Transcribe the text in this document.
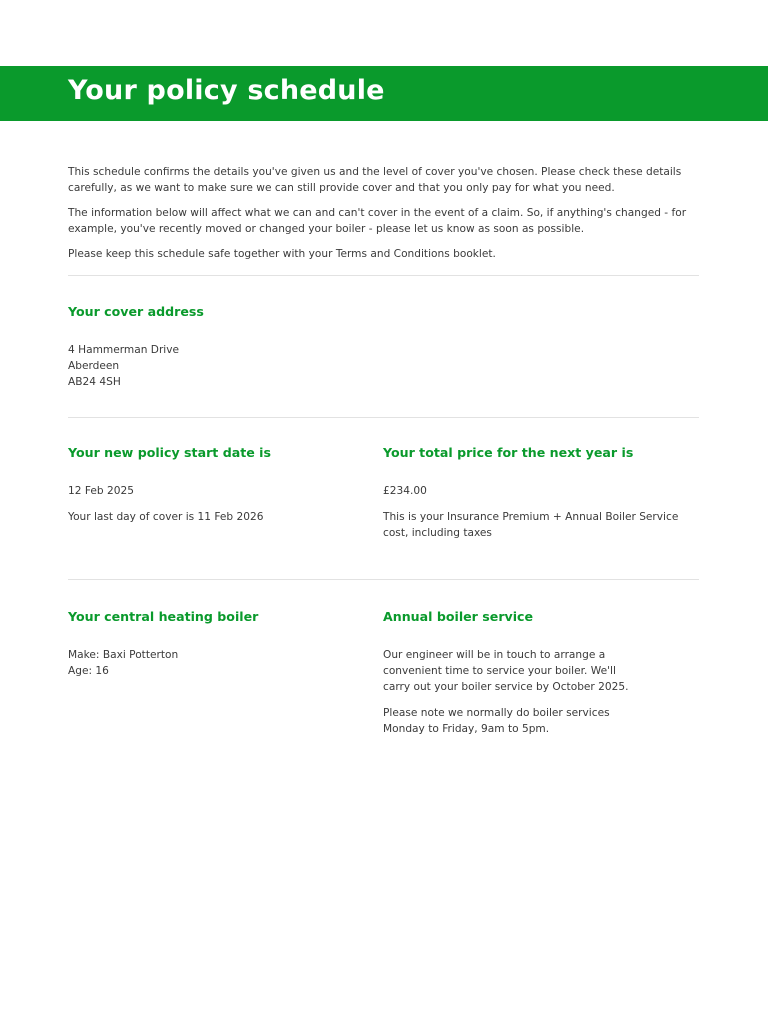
Your policy schedule

This schedule confirms the details you've given us and the level of cover you've chosen. Please check these details carefully, as we want to make sure we can still provide cover and that you only pay for what you need.

The information below will affect what we can and can't cover in the event of a claim. So, if anything's changed - for example, you've recently moved or changed your boiler - please let us know as soon as possible.

Please keep this schedule safe together with your Terms and Conditions booklet.

Your cover address
4 Hammerman Drive
Aberdeen
AB24 4SH
Your new policy start date is

12 Feb 2025

Your last day of cover is 11 Feb 2026

Your total price for the next year is

£234.00

This is your Insurance Premium + Annual Boiler Service cost, including taxes

Your central heating boiler
Make: Baxi Potterton
Age: 16
Annual boiler service

Our engineer will be in touch to arrange a convenient time to service your boiler. We'll carry out your boiler service by October 2025.

Please note we normally do boiler services Monday to Friday, 9am to 5pm.
